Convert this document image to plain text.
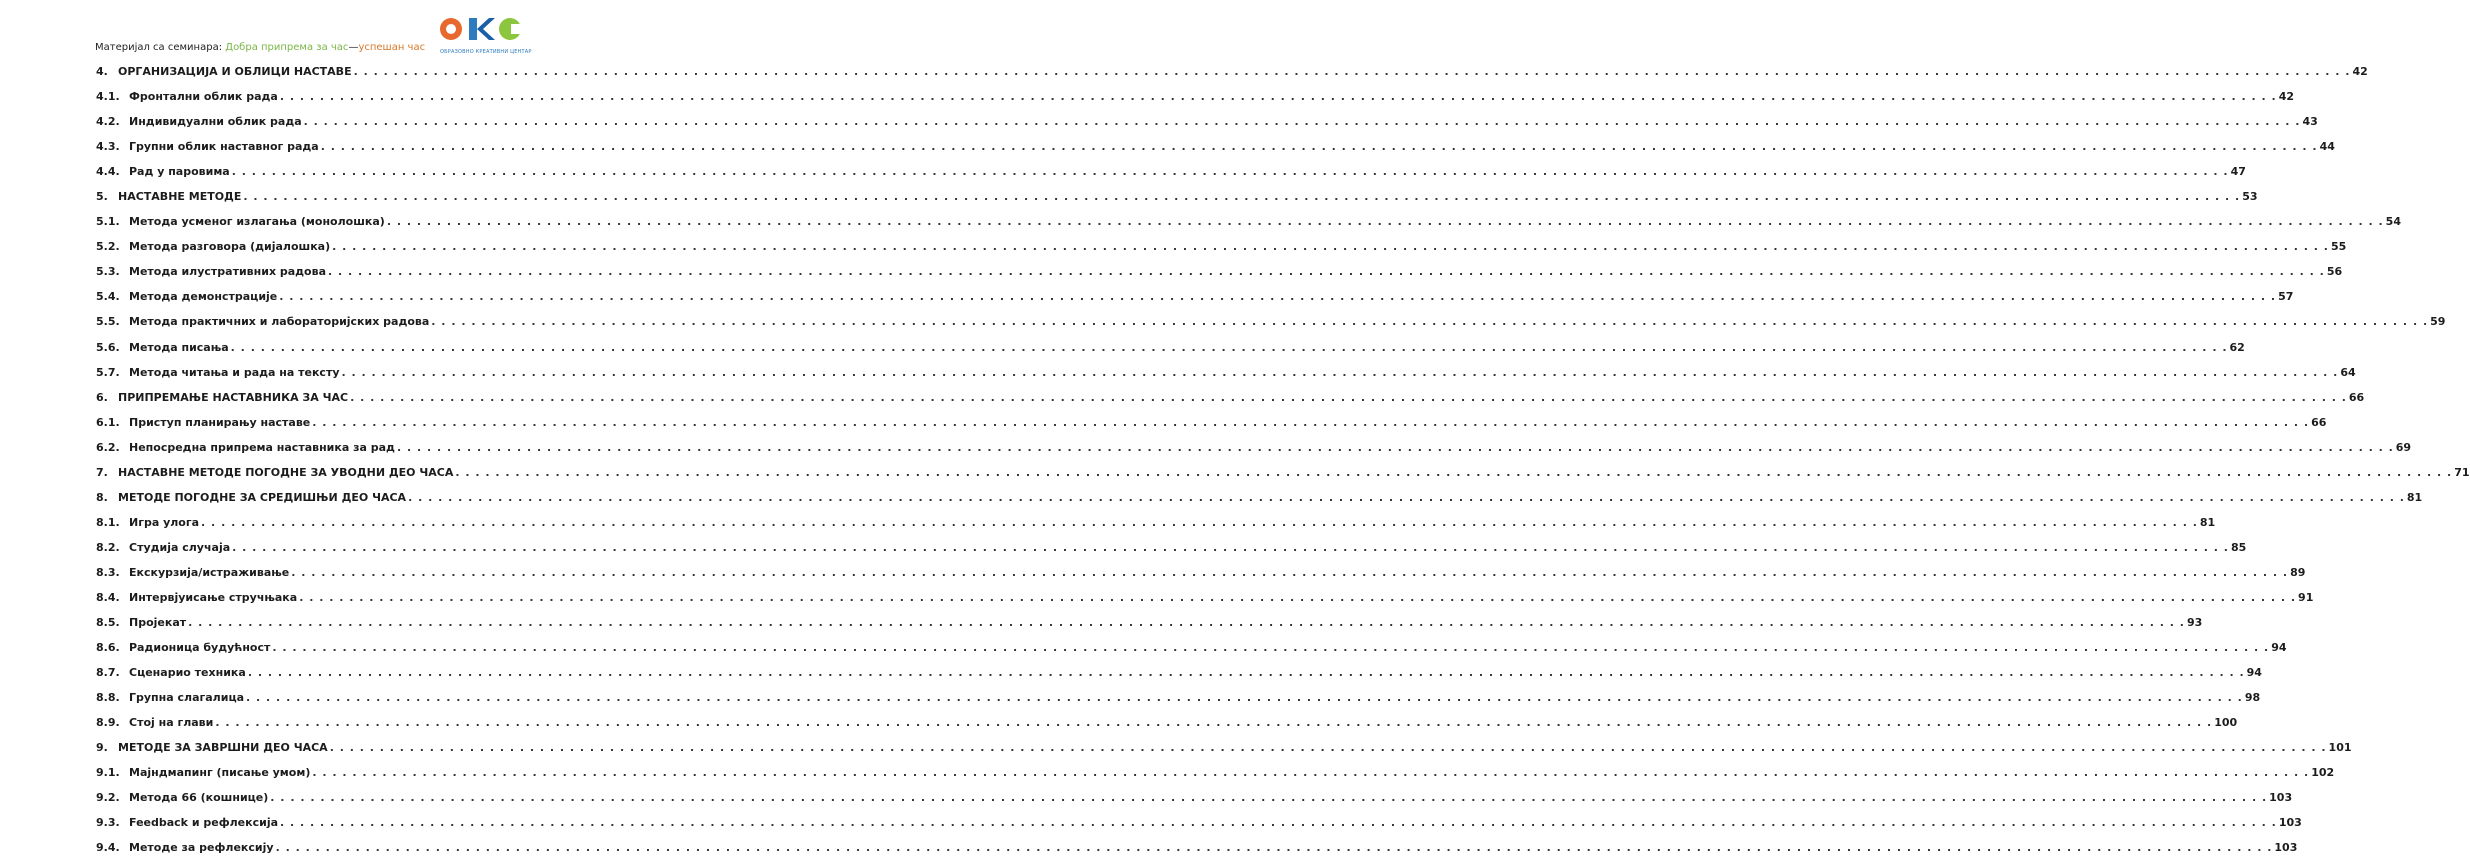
Материјал са семинара: Добра припрема за час—успешан час	ОБРАЗОВНО КРЕАТИВНИ ЦЕНТАР
4. ОРГАНИЗАЦИЈА И ОБЛИЦИ НАСТАВЕ . . . . . . . . . . . . . . . . . . . . . . . . . . . . . . . . . . . . . . . . . . . . . . . . . . . . . . . . . . . . . . . . . . . . . . . . . . . . . . . . . . . . . . . . . . . . . . . . . . . . . . . . . . . . . . . . . . . . . . . . . . . . . . . . . . . . . . . . . . . . . . . . . . . . . . . . . . . . . . . . . . . . . . . . . . . . . . . . . . . . . . . . . . . . . . . . . . . . . . . . 42
4.1. Фронтални облик рада . . . . . . . . . . . . . . . . . . . . . . . . . . . . . . . . . . . . . . . . . . . . . . . . . . . . . . . . . . . . . . . . . . . . . . . . . . . . . . . . . . . . . . . . . . . . . . . . . . . . . . . . . . . . . . . . . . . . . . . . . . . . . . . . . . . . . . . . . . . . . . . . . . . . . . . . . . . . . . . . . . . . . . . . . . . . . . . . . . . . . . . . . . . . . . . . . . . . . . . . 42
4.2. Индивидуални облик рада . . . . . . . . . . . . . . . . . . . . . . . . . . . . . . . . . . . . . . . . . . . . . . . . . . . . . . . . . . . . . . . . . . . . . . . . . . . . . . . . . . . . . . . . . . . . . . . . . . . . . . . . . . . . . . . . . . . . . . . . . . . . . . . . . . . . . . . . . . . . . . . . . . . . . . . . . . . . . . . . . . . . . . . . . . . . . . . . . . . . . . . . . . . . . . . . . . . . . . . . 43
4.3. Групни облик наставног рада . . . . . . . . . . . . . . . . . . . . . . . . . . . . . . . . . . . . . . . . . . . . . . . . . . . . . . . . . . . . . . . . . . . . . . . . . . . . . . . . . . . . . . . . . . . . . . . . . . . . . . . . . . . . . . . . . . . . . . . . . . . . . . . . . . . . . . . . . . . . . . . . . . . . . . . . . . . . . . . . . . . . . . . . . . . . . . . . . . . . . . . . . . . . . . . . . . . . . . . . 44
4.4. Рад у паровима . . . . . . . . . . . . . . . . . . . . . . . . . . . . . . . . . . . . . . . . . . . . . . . . . . . . . . . . . . . . . . . . . . . . . . . . . . . . . . . . . . . . . . . . . . . . . . . . . . . . . . . . . . . . . . . . . . . . . . . . . . . . . . . . . . . . . . . . . . . . . . . . . . . . . . . . . . . . . . . . . . . . . . . . . . . . . . . . . . . . . . . . . . . . . . . . . . . . . . . . 47
5. НАСТАВНЕ МЕТОДЕ . . . . . . . . . . . . . . . . . . . . . . . . . . . . . . . . . . . . . . . . . . . . . . . . . . . . . . . . . . . . . . . . . . . . . . . . . . . . . . . . . . . . . . . . . . . . . . . . . . . . . . . . . . . . . . . . . . . . . . . . . . . . . . . . . . . . . . . . . . . . . . . . . . . . . . . . . . . . . . . . . . . . . . . . . . . . . . . . . . . . . . . . . . . . . . . . . . . . . . . . 53
5.1. Метода усменог излагања (монолошка) . . . . . . . . . . . . . . . . . . . . . . . . . . . . . . . . . . . . . . . . . . . . . . . . . . . . . . . . . . . . . . . . . . . . . . . . . . . . . . . . . . . . . . . . . . . . . . . . . . . . . . . . . . . . . . . . . . . . . . . . . . . . . . . . . . . . . . . . . . . . . . . . . . . . . . . . . . . . . . . . . . . . . . . . . . . . . . . . . . . . . . . . . . . . . . . . . . . . . . . . 54
5.2. Метода разговора (дијалошка) . . . . . . . . . . . . . . . . . . . . . . . . . . . . . . . . . . . . . . . . . . . . . . . . . . . . . . . . . . . . . . . . . . . . . . . . . . . . . . . . . . . . . . . . . . . . . . . . . . . . . . . . . . . . . . . . . . . . . . . . . . . . . . . . . . . . . . . . . . . . . . . . . . . . . . . . . . . . . . . . . . . . . . . . . . . . . . . . . . . . . . . . . . . . . . . . . . . . . . . . 55
5.3. Метода илустративних радова . . . . . . . . . . . . . . . . . . . . . . . . . . . . . . . . . . . . . . . . . . . . . . . . . . . . . . . . . . . . . . . . . . . . . . . . . . . . . . . . . . . . . . . . . . . . . . . . . . . . . . . . . . . . . . . . . . . . . . . . . . . . . . . . . . . . . . . . . . . . . . . . . . . . . . . . . . . . . . . . . . . . . . . . . . . . . . . . . . . . . . . . . . . . . . . . . . . . . . . . 56
5.4. Метода демонстрације . . . . . . . . . . . . . . . . . . . . . . . . . . . . . . . . . . . . . . . . . . . . . . . . . . . . . . . . . . . . . . . . . . . . . . . . . . . . . . . . . . . . . . . . . . . . . . . . . . . . . . . . . . . . . . . . . . . . . . . . . . . . . . . . . . . . . . . . . . . . . . . . . . . . . . . . . . . . . . . . . . . . . . . . . . . . . . . . . . . . . . . . . . . . . . . . . . . . . . . . 57
5.5. Метода практичних и лабораторијских радова . . . . . . . . . . . . . . . . . . . . . . . . . . . . . . . . . . . . . . . . . . . . . . . . . . . . . . . . . . . . . . . . . . . . . . . . . . . . . . . . . . . . . . . . . . . . . . . . . . . . . . . . . . . . . . . . . . . . . . . . . . . . . . . . . . . . . . . . . . . . . . . . . . . . . . . . . . . . . . . . . . . . . . . . . . . . . . . . . . . . . . . . . . . . . . . . . . . . . . . . 59
5.6. Метода писања . . . . . . . . . . . . . . . . . . . . . . . . . . . . . . . . . . . . . . . . . . . . . . . . . . . . . . . . . . . . . . . . . . . . . . . . . . . . . . . . . . . . . . . . . . . . . . . . . . . . . . . . . . . . . . . . . . . . . . . . . . . . . . . . . . . . . . . . . . . . . . . . . . . . . . . . . . . . . . . . . . . . . . . . . . . . . . . . . . . . . . . . . . . . . . . . . . . . . . . . 62
5.7. Метода читања и рада на тексту . . . . . . . . . . . . . . . . . . . . . . . . . . . . . . . . . . . . . . . . . . . . . . . . . . . . . . . . . . . . . . . . . . . . . . . . . . . . . . . . . . . . . . . . . . . . . . . . . . . . . . . . . . . . . . . . . . . . . . . . . . . . . . . . . . . . . . . . . . . . . . . . . . . . . . . . . . . . . . . . . . . . . . . . . . . . . . . . . . . . . . . . . . . . . . . . . . . . . . . . 64
6. ПРИПРЕМАЊЕ НАСТАВНИКА ЗА ЧАС . . . . . . . . . . . . . . . . . . . . . . . . . . . . . . . . . . . . . . . . . . . . . . . . . . . . . . . . . . . . . . . . . . . . . . . . . . . . . . . . . . . . . . . . . . . . . . . . . . . . . . . . . . . . . . . . . . . . . . . . . . . . . . . . . . . . . . . . . . . . . . . . . . . . . . . . . . . . . . . . . . . . . . . . . . . . . . . . . . . . . . . . . . . . . . . . . . . . . . . . 66
6.1. Приступ планирању наставе . . . . . . . . . . . . . . . . . . . . . . . . . . . . . . . . . . . . . . . . . . . . . . . . . . . . . . . . . . . . . . . . . . . . . . . . . . . . . . . . . . . . . . . . . . . . . . . . . . . . . . . . . . . . . . . . . . . . . . . . . . . . . . . . . . . . . . . . . . . . . . . . . . . . . . . . . . . . . . . . . . . . . . . . . . . . . . . . . . . . . . . . . . . . . . . . . . . . . . . . 66
6.2. Непосредна припрема наставника за рад . . . . . . . . . . . . . . . . . . . . . . . . . . . . . . . . . . . . . . . . . . . . . . . . . . . . . . . . . . . . . . . . . . . . . . . . . . . . . . . . . . . . . . . . . . . . . . . . . . . . . . . . . . . . . . . . . . . . . . . . . . . . . . . . . . . . . . . . . . . . . . . . . . . . . . . . . . . . . . . . . . . . . . . . . . . . . . . . . . . . . . . . . . . . . . . . . . . . . . . . 69
7. НАСТАВНЕ МЕТОДЕ ПОГОДНЕ ЗА УВОДНИ ДЕО ЧАСА . . . . . . . . . . . . . . . . . . . . . . . . . . . . . . . . . . . . . . . . . . . . . . . . . . . . . . . . . . . . . . . . . . . . . . . . . . . . . . . . . . . . . . . . . . . . . . . . . . . . . . . . . . . . . . . . . . . . . . . . . . . . . . . . . . . . . . . . . . . . . . . . . . . . . . . . . . . . . . . . . . . . . . . . . . . . . . . . . . . . . . . . . . . . . . . . . . . . . . . . 71
8. МЕТОДЕ ПОГОДНЕ ЗА СРЕДИШЊИ ДЕО ЧАСА . . . . . . . . . . . . . . . . . . . . . . . . . . . . . . . . . . . . . . . . . . . . . . . . . . . . . . . . . . . . . . . . . . . . . . . . . . . . . . . . . . . . . . . . . . . . . . . . . . . . . . . . . . . . . . . . . . . . . . . . . . . . . . . . . . . . . . . . . . . . . . . . . . . . . . . . . . . . . . . . . . . . . . . . . . . . . . . . . . . . . . . . . . . . . . . . . . . . . . . . 81
8.1. Игра улога . . . . . . . . . . . . . . . . . . . . . . . . . . . . . . . . . . . . . . . . . . . . . . . . . . . . . . . . . . . . . . . . . . . . . . . . . . . . . . . . . . . . . . . . . . . . . . . . . . . . . . . . . . . . . . . . . . . . . . . . . . . . . . . . . . . . . . . . . . . . . . . . . . . . . . . . . . . . . . . . . . . . . . . . . . . . . . . . . . . . . . . . . . . . . . . . . . . . . . . . 81
8.2. Студија случаја . . . . . . . . . . . . . . . . . . . . . . . . . . . . . . . . . . . . . . . . . . . . . . . . . . . . . . . . . . . . . . . . . . . . . . . . . . . . . . . . . . . . . . . . . . . . . . . . . . . . . . . . . . . . . . . . . . . . . . . . . . . . . . . . . . . . . . . . . . . . . . . . . . . . . . . . . . . . . . . . . . . . . . . . . . . . . . . . . . . . . . . . . . . . . . . . . . . . . . . . 85
8.3. Екскурзија/истраживање . . . . . . . . . . . . . . . . . . . . . . . . . . . . . . . . . . . . . . . . . . . . . . . . . . . . . . . . . . . . . . . . . . . . . . . . . . . . . . . . . . . . . . . . . . . . . . . . . . . . . . . . . . . . . . . . . . . . . . . . . . . . . . . . . . . . . . . . . . . . . . . . . . . . . . . . . . . . . . . . . . . . . . . . . . . . . . . . . . . . . . . . . . . . . . . . . . . . . . . . 89
8.4. Интервјуисање стручњака . . . . . . . . . . . . . . . . . . . . . . . . . . . . . . . . . . . . . . . . . . . . . . . . . . . . . . . . . . . . . . . . . . . . . . . . . . . . . . . . . . . . . . . . . . . . . . . . . . . . . . . . . . . . . . . . . . . . . . . . . . . . . . . . . . . . . . . . . . . . . . . . . . . . . . . . . . . . . . . . . . . . . . . . . . . . . . . . . . . . . . . . . . . . . . . . . . . . . . . . 91
8.5. Пројекат . . . . . . . . . . . . . . . . . . . . . . . . . . . . . . . . . . . . . . . . . . . . . . . . . . . . . . . . . . . . . . . . . . . . . . . . . . . . . . . . . . . . . . . . . . . . . . . . . . . . . . . . . . . . . . . . . . . . . . . . . . . . . . . . . . . . . . . . . . . . . . . . . . . . . . . . . . . . . . . . . . . . . . . . . . . . . . . . . . . . . . . . . . . . . . . . . . . . . . . . 93
8.6. Радионица будућност . . . . . . . . . . . . . . . . . . . . . . . . . . . . . . . . . . . . . . . . . . . . . . . . . . . . . . . . . . . . . . . . . . . . . . . . . . . . . . . . . . . . . . . . . . . . . . . . . . . . . . . . . . . . . . . . . . . . . . . . . . . . . . . . . . . . . . . . . . . . . . . . . . . . . . . . . . . . . . . . . . . . . . . . . . . . . . . . . . . . . . . . . . . . . . . . . . . . . . . . 94
8.7. Сценарио техника . . . . . . . . . . . . . . . . . . . . . . . . . . . . . . . . . . . . . . . . . . . . . . . . . . . . . . . . . . . . . . . . . . . . . . . . . . . . . . . . . . . . . . . . . . . . . . . . . . . . . . . . . . . . . . . . . . . . . . . . . . . . . . . . . . . . . . . . . . . . . . . . . . . . . . . . . . . . . . . . . . . . . . . . . . . . . . . . . . . . . . . . . . . . . . . . . . . . . . . . 94
8.8. Групна слагалица . . . . . . . . . . . . . . . . . . . . . . . . . . . . . . . . . . . . . . . . . . . . . . . . . . . . . . . . . . . . . . . . . . . . . . . . . . . . . . . . . . . . . . . . . . . . . . . . . . . . . . . . . . . . . . . . . . . . . . . . . . . . . . . . . . . . . . . . . . . . . . . . . . . . . . . . . . . . . . . . . . . . . . . . . . . . . . . . . . . . . . . . . . . . . . . . . . . . . . . . 98
8.9. Стој на глави . . . . . . . . . . . . . . . . . . . . . . . . . . . . . . . . . . . . . . . . . . . . . . . . . . . . . . . . . . . . . . . . . . . . . . . . . . . . . . . . . . . . . . . . . . . . . . . . . . . . . . . . . . . . . . . . . . . . . . . . . . . . . . . . . . . . . . . . . . . . . . . . . . . . . . . . . . . . . . . . . . . . . . . . . . . . . . . . . . . . . . . . . . . . . . . . . . . . . . . . 100
9. МЕТОДЕ ЗА ЗАВРШНИ ДЕО ЧАСА . . . . . . . . . . . . . . . . . . . . . . . . . . . . . . . . . . . . . . . . . . . . . . . . . . . . . . . . . . . . . . . . . . . . . . . . . . . . . . . . . . . . . . . . . . . . . . . . . . . . . . . . . . . . . . . . . . . . . . . . . . . . . . . . . . . . . . . . . . . . . . . . . . . . . . . . . . . . . . . . . . . . . . . . . . . . . . . . . . . . . . . . . . . . . . . . . . . . . . . . 101
9.1. Мајндмапинг (писање умом) . . . . . . . . . . . . . . . . . . . . . . . . . . . . . . . . . . . . . . . . . . . . . . . . . . . . . . . . . . . . . . . . . . . . . . . . . . . . . . . . . . . . . . . . . . . . . . . . . . . . . . . . . . . . . . . . . . . . . . . . . . . . . . . . . . . . . . . . . . . . . . . . . . . . . . . . . . . . . . . . . . . . . . . . . . . . . . . . . . . . . . . . . . . . . . . . . . . . . . . . 102
9.2. Метода 66 (кошнице) . . . . . . . . . . . . . . . . . . . . . . . . . . . . . . . . . . . . . . . . . . . . . . . . . . . . . . . . . . . . . . . . . . . . . . . . . . . . . . . . . . . . . . . . . . . . . . . . . . . . . . . . . . . . . . . . . . . . . . . . . . . . . . . . . . . . . . . . . . . . . . . . . . . . . . . . . . . . . . . . . . . . . . . . . . . . . . . . . . . . . . . . . . . . . . . . . . . . . . . . 103
9.3. Feedback и рефлексија . . . . . . . . . . . . . . . . . . . . . . . . . . . . . . . . . . . . . . . . . . . . . . . . . . . . . . . . . . . . . . . . . . . . . . . . . . . . . . . . . . . . . . . . . . . . . . . . . . . . . . . . . . . . . . . . . . . . . . . . . . . . . . . . . . . . . . . . . . . . . . . . . . . . . . . . . . . . . . . . . . . . . . . . . . . . . . . . . . . . . . . . . . . . . . . . . . . . . . . . 103
9.4. Методе за рефлексију . . . . . . . . . . . . . . . . . . . . . . . . . . . . . . . . . . . . . . . . . . . . . . . . . . . . . . . . . . . . . . . . . . . . . . . . . . . . . . . . . . . . . . . . . . . . . . . . . . . . . . . . . . . . . . . . . . . . . . . . . . . . . . . . . . . . . . . . . . . . . . . . . . . . . . . . . . . . . . . . . . . . . . . . . . . . . . . . . . . . . . . . . . . . . . . . . . . . . . . . 103
